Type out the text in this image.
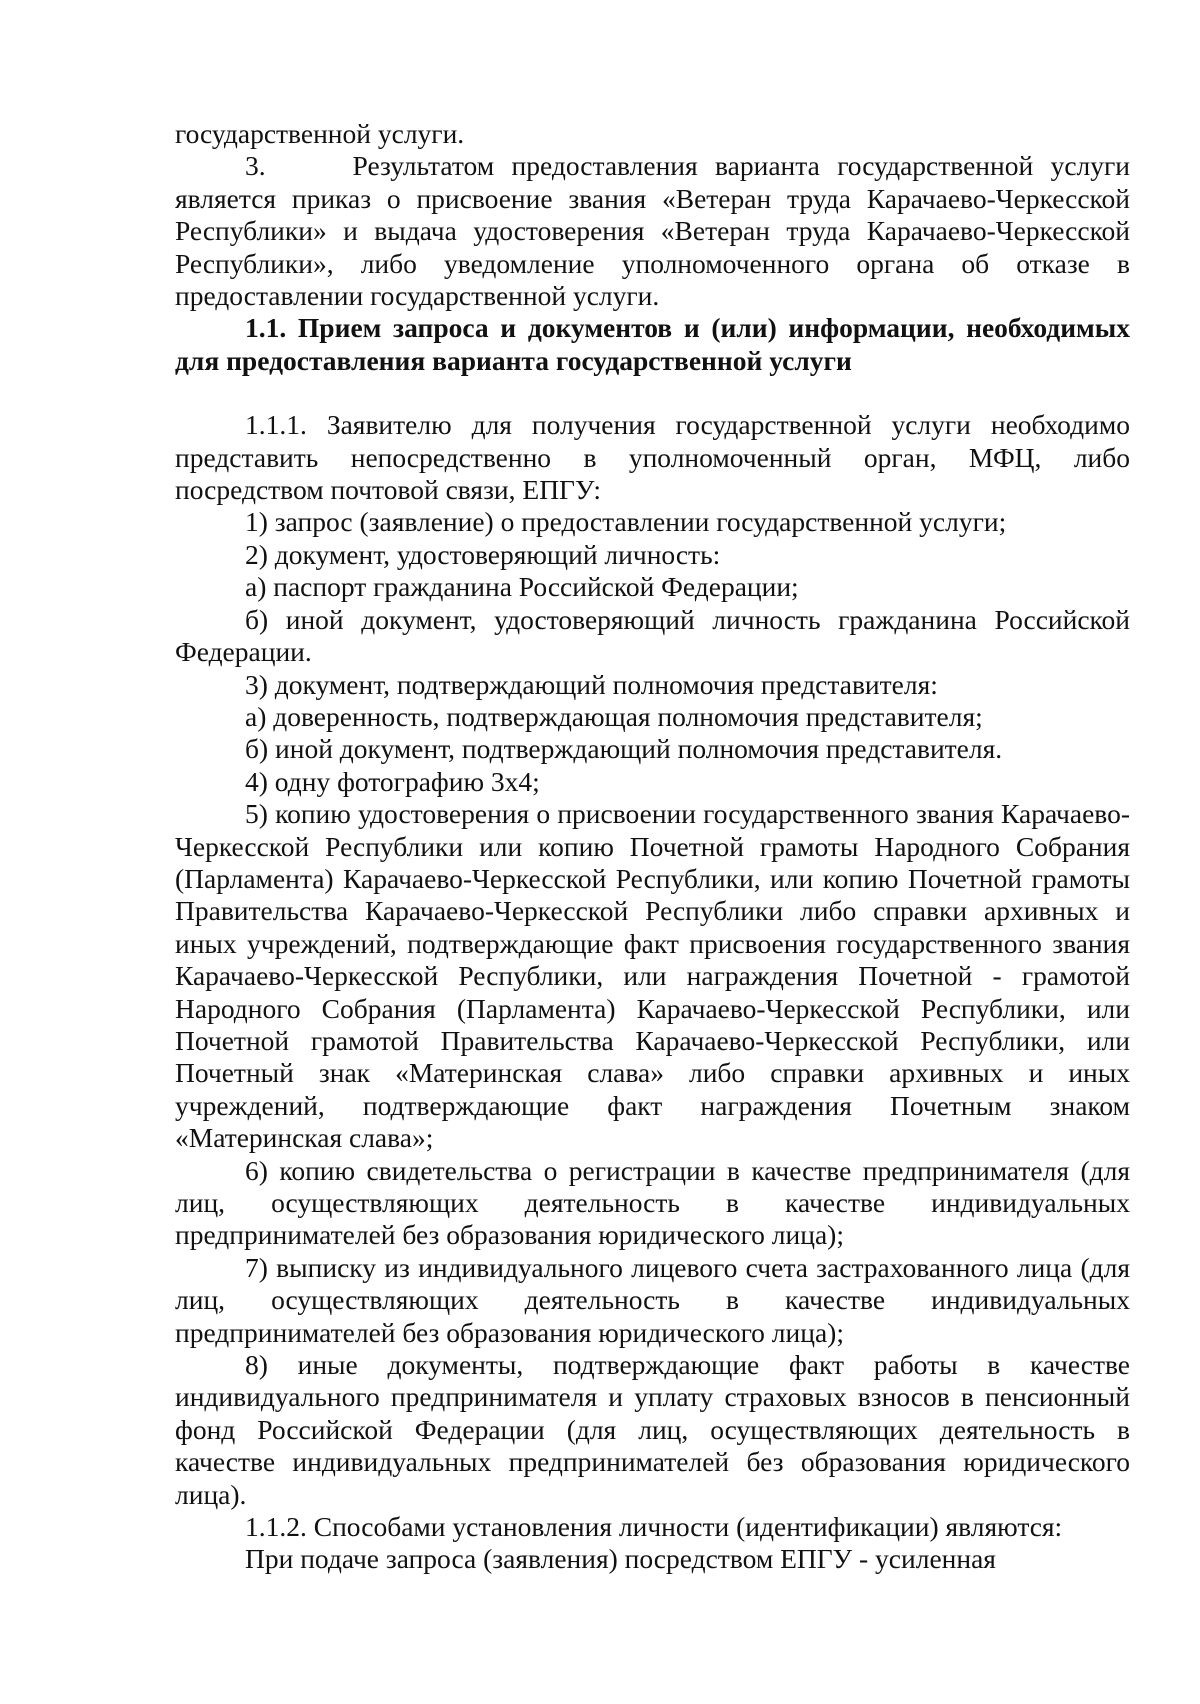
государственной услуги.

3.     Результатом предоставления варианта государственной услуги является приказ о присвоение звания «Ветеран труда Карачаево-Черкесской Республики» и выдача удостоверения «Ветеран труда Карачаево-Черкесской Республики», либо уведомление уполномоченного органа об отказе в предоставлении государственной услуги.

1.1. Прием запроса и документов и (или) информации, необходимых для предоставления варианта государственной услуги

1.1.1. Заявителю для получения государственной услуги необходимо представить непосредственно в уполномоченный орган, МФЦ, либо посредством почтовой связи, ЕПГУ:

1) запрос (заявление) о предоставлении государственной услуги;

2) документ, удостоверяющий личность:

а) паспорт гражданина Российской Федерации;

б) иной документ, удостоверяющий личность гражданина Российской Федерации.

3) документ, подтверждающий полномочия представителя:

а) доверенность, подтверждающая полномочия представителя;

б) иной документ, подтверждающий полномочия представителя.

4) одну фотографию 3х4;

5) копию удостоверения о присвоении государственного звания Карачаево-Черкесской Республики или копию Почетной грамоты Народного Собрания (Парламента) Карачаево-Черкесской Республики, или копию Почетной грамоты Правительства Карачаево-Черкесской Республики либо справки архивных и иных учреждений, подтверждающие факт присвоения государственного звания Карачаево-Черкесской Республики, или награждения Почетной - грамотой Народного Собрания (Парламента) Карачаево-Черкесской Республики, или Почетной грамотой Правительства Карачаево-Черкесской Республики, или Почетный знак «Материнская слава» либо справки архивных и иных учреждений, подтверждающие факт награждения Почетным знаком «Материнская слава»;

6) копию свидетельства о регистрации в качестве предпринимателя (для лиц, осуществляющих деятельность в качестве индивидуальных предпринимателей без образования юридического лица);

7) выписку из индивидуального лицевого счета застрахованного лица (для лиц, осуществляющих деятельность в качестве индивидуальных предпринимателей без образования юридического лица);

8) иные документы, подтверждающие факт работы в качестве индивидуального предпринимателя и уплату страховых взносов в пенсионный фонд Российской Федерации (для лиц, осуществляющих деятельность в качестве индивидуальных предпринимателей без образования юридического лица).

1.1.2. Способами установления личности (идентификации) являются:

При подаче запроса (заявления) посредством ЕПГУ - усиленная
